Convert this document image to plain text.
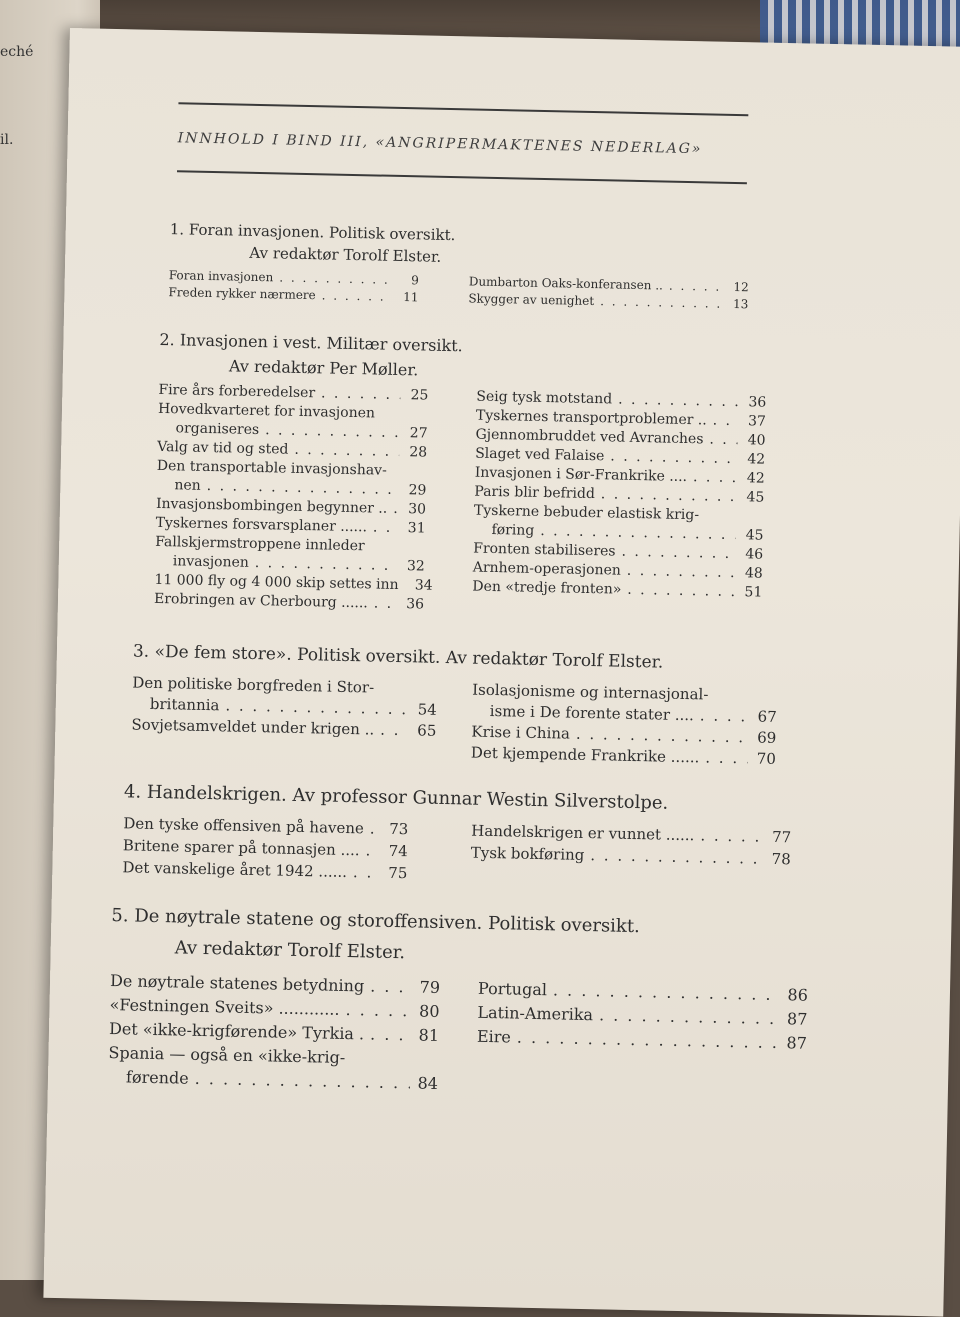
eché
il.	INNHOLD I BIND III, «ANGRIPERMAKTENES NEDERLAG»
1. Foran invasjonen. Politisk oversikt.
Av redaktør Torolf Elster.
Foran invasjonen . . .	9
Freden rykker nærmere . . .	11
Dumbarton Oaks-konferansen .. . . .	12
Skygger av uenighet . . .	13
2. Invasjonen i vest. Militær oversikt.
Av redaktør Per Møller.
Fire års forberedelser . . .	25
Hovedkvarteret for invasjonen
organiseres . . .	27
Valg av tid og sted . . .	28
Den transportable invasjonshav-
nen . . .	29
Invasjonsbombingen begynner .. . . . 30
Tyskernes forsvarsplaner ...... . . .	31
Fallskjermstroppene innleder
invasjonen . . .	32
11 000 fly og 4 000 skip settes inn . . . 34
Erobringen av Cherbourg ...... . . .	36
Seig tysk motstand . . .	36
Tyskernes transportproblemer .. . . .	37
Gjennombruddet ved Avranches . . .	40
Slaget ved Falaise . . .	42
Invasjonen i Sør-Frankrike .... . . .	42
Paris blir befridd . . .	45
Tyskerne bebuder elastisk krig-
føring . . .	45
Fronten stabiliseres . . .	46
Arnhem-operasjonen . . .	48
Den «tredje fronten» . . .	51
3. «De fem store». Politisk oversikt. Av redaktør Torolf Elster.
Den politiske borgfreden i Stor-
britannia . . .	54
Sovjetsamveldet under krigen .. . . .	65
Isolasjonisme og internasjonal-
isme i De forente stater .... . . .	67
Krise i China . . .	69
Det kjempende Frankrike ...... . . .	70
4. Handelskrigen. Av professor Gunnar Westin Silverstolpe.
Den tyske offensiven på havene . . . 73
Britene sparer på tonnasjen .... . . . 74
Det vanskelige året 1942 ...... . . .	75
Handelskrigen er vunnet ...... . . .	77
Tysk bokføring . . .	78
5. De nøytrale statene og storoffensiven. Politisk oversikt.
Av redaktør Torolf Elster.
De nøytrale statenes betydning . . .	79
«Festningen Sveits» ............ . . .	80
Det «ikke-krigførende» Tyrkia . . . .	81
Spania — også en «ikke-krig-
førende . . .	84
Portugal . . .	86
Latin-Amerika . . .	87
Eire . . .	87
